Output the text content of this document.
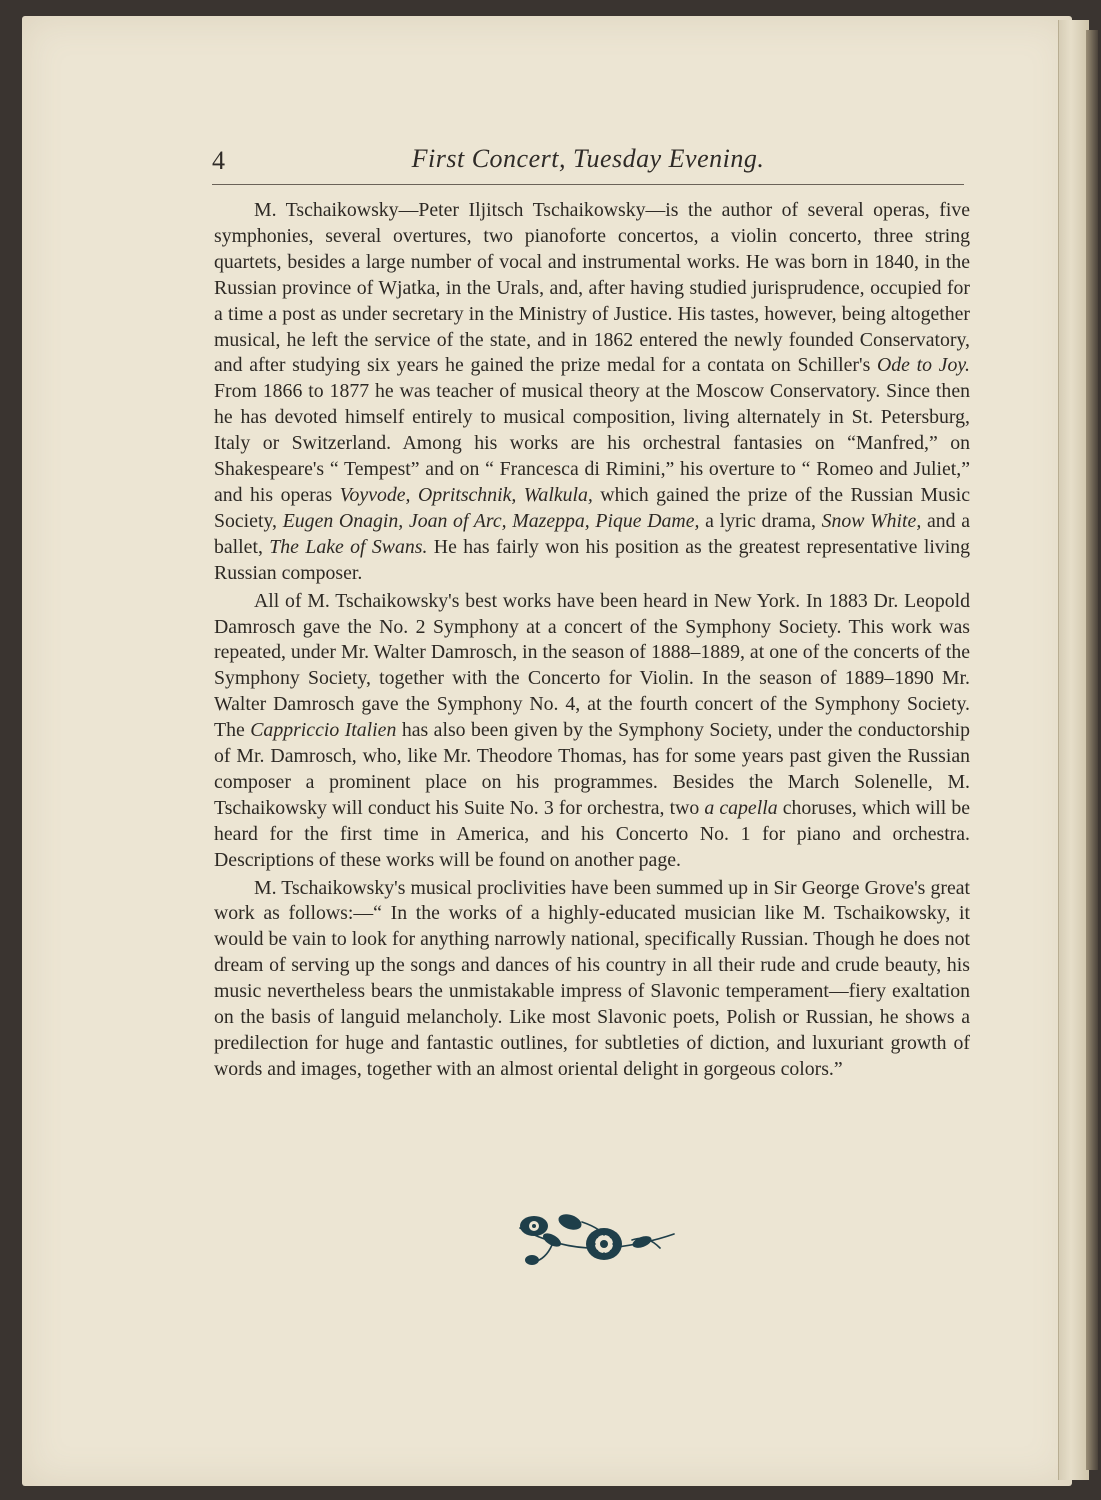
4	First Concert, Tuesday Evening.

M. Tschaikowsky—Peter Iljitsch Tschaikowsky—is the author of several operas, five symphonies, several overtures, two pianoforte concertos, a violin concerto, three string quartets, besides a large number of vocal and instrumental works. He was born in 1840, in the Russian province of Wjatka, in the Urals, and, after having studied jurisprudence, occupied for a time a post as under secretary in the Ministry of Justice. His tastes, however, being altogether musical, he left the service of the state, and in 1862 entered the newly founded Conservatory, and after studying six years he gained the prize medal for a contata on Schiller's Ode to Joy. From 1866 to 1877 he was teacher of musical theory at the Moscow Conservatory. Since then he has devoted himself entirely to musical composition, living alternately in St. Petersburg, Italy or Switzerland. Among his works are his orchestral fantasies on “Manfred,” on Shakespeare's “ Tempest” and on “ Francesca di Rimini,” his overture to “ Romeo and Juliet,” and his operas Voyvode, Opritschnik, Walkula, which gained the prize of the Russian Music Society, Eugen Onagin, Joan of Arc, Mazeppa, Pique Dame, a lyric drama, Snow White, and a ballet, The Lake of Swans. He has fairly won his position as the greatest representative living Russian composer.

All of M. Tschaikowsky's best works have been heard in New York. In 1883 Dr. Leopold Damrosch gave the No. 2 Symphony at a concert of the Symphony Society. This work was repeated, under Mr. Walter Damrosch, in the season of 1888–1889, at one of the concerts of the Symphony Society, together with the Concerto for Violin. In the season of 1889–1890 Mr. Walter Damrosch gave the Symphony No. 4, at the fourth concert of the Symphony Society. The Cappriccio Italien has also been given by the Symphony Society, under the conductorship of Mr. Damrosch, who, like Mr. Theodore Thomas, has for some years past given the Russian composer a prominent place on his programmes. Besides the March Solenelle, M. Tschaikowsky will conduct his Suite No. 3 for orchestra, two a capella choruses, which will be heard for the first time in America, and his Concerto No. 1 for piano and orchestra. Descriptions of these works will be found on another page.

M. Tschaikowsky's musical proclivities have been summed up in Sir George Grove's great work as follows:—“ In the works of a highly-educated musician like M. Tschaikowsky, it would be vain to look for anything narrowly national, specifically Russian. Though he does not dream of serving up the songs and dances of his country in all their rude and crude beauty, his music nevertheless bears the unmistakable impress of Slavonic temperament—fiery exaltation on the basis of languid melancholy. Like most Slavonic poets, Polish or Russian, he shows a predilection for huge and fantastic outlines, for subtleties of diction, and luxuriant growth of words and images, together with an almost oriental delight in gorgeous colors.”
